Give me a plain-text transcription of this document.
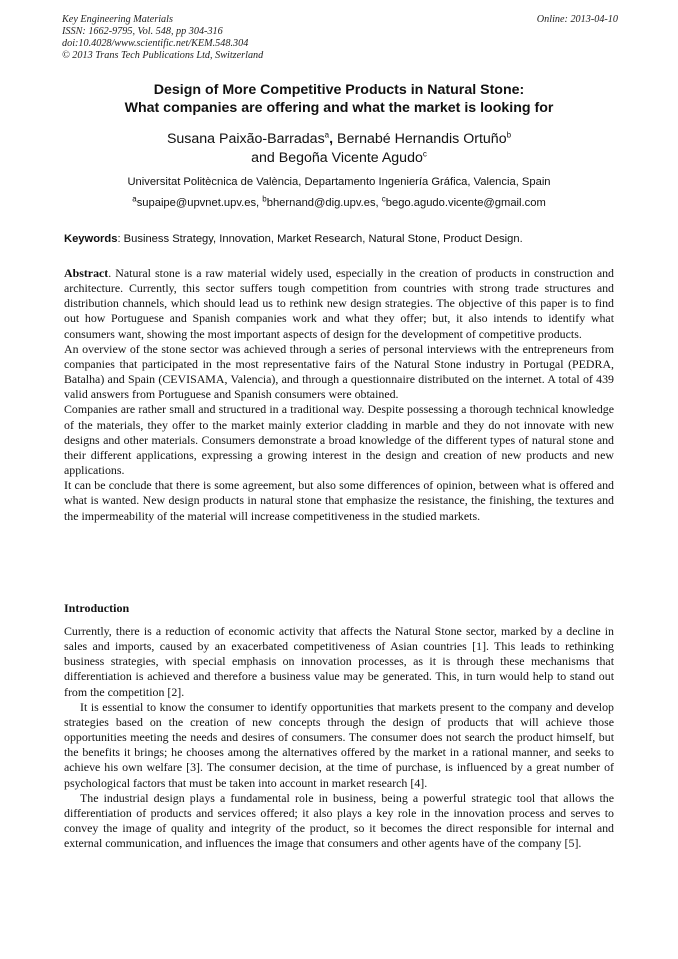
Key Engineering Materials
ISSN: 1662-9795, Vol. 548, pp 304-316
doi:10.4028/www.scientific.net/KEM.548.304
© 2013 Trans Tech Publications Ltd, Switzerland
Online: 2013-04-10
Design of More Competitive Products in Natural Stone:
What companies are offering and what the market is looking for
Susana Paixão-Barradas$^a$, Bernabé Hernandis Ortuño$^b$
and Begoña Vicente Agudo$^c$
Universitat Politècnica de València, Departamento Ingeniería Gráfica, Valencia, Spain
$^a$supaipe@upvnet.upv.es, $^b$bhernand@dig.upv.es, $^c$bego.agudo.vicente@gmail.com
Keywords: Business Strategy, Innovation, Market Research, Natural Stone, Product Design.

Abstract. Natural stone is a raw material widely used, especially in the creation of products in construction and architecture. Currently, this sector suffers tough competition from countries with strong trade structures and distribution channels, which should lead us to rethink new design strategies. The objective of this paper is to find out how Portuguese and Spanish companies work and what they offer; but, it also intends to identify what consumers want, showing the most important aspects of design for the development of competitive products.

An overview of the stone sector was achieved through a series of personal interviews with the entrepreneurs from companies that participated in the most representative fairs of the Natural Stone industry in Portugal (PEDRA, Batalha) and Spain (CEVISAMA, Valencia), and through a questionnaire distributed on the internet. A total of 439 valid answers from Portuguese and Spanish consumers were obtained.

Companies are rather small and structured in a traditional way. Despite possessing a thorough technical knowledge of the materials, they offer to the market mainly exterior cladding in marble and they do not innovate with new designs and other materials. Consumers demonstrate a broad knowledge of the different types of natural stone and their different applications, expressing a growing interest in the design and creation of new products and new applications.

It can be conclude that there is some agreement, but also some differences of opinion, between what is offered and what is wanted. New design products in natural stone that emphasize the resistance, the finishing, the textures and the impermeability of the material will increase competitiveness in the studied markets.

Introduction

Currently, there is a reduction of economic activity that affects the Natural Stone sector, marked by a decline in sales and imports, caused by an exacerbated competitiveness of Asian countries [1]. This leads to rethinking business strategies, with special emphasis on innovation processes, as it is through these mechanisms that differentiation is achieved and therefore a business value may be generated. This, in turn would help to stand out from the competition [2].

It is essential to know the consumer to identify opportunities that markets present to the company and develop strategies based on the creation of new concepts through the design of products that will achieve those opportunities meeting the needs and desires of consumers. The consumer does not search the product himself, but the benefits it brings; he chooses among the alternatives offered by the market in a rational manner, and seeks to achieve his own welfare [3]. The consumer decision, at the time of purchase, is influenced by a great number of psychological factors that must be taken into account in market research [4].

The industrial design plays a fundamental role in business, being a powerful strategic tool that allows the differentiation of products and services offered; it also plays a key role in the innovation process and serves to convey the image of quality and integrity of the product, so it becomes the direct responsible for internal and external communication, and influences the image that consumers and other agents have of the company [5].
